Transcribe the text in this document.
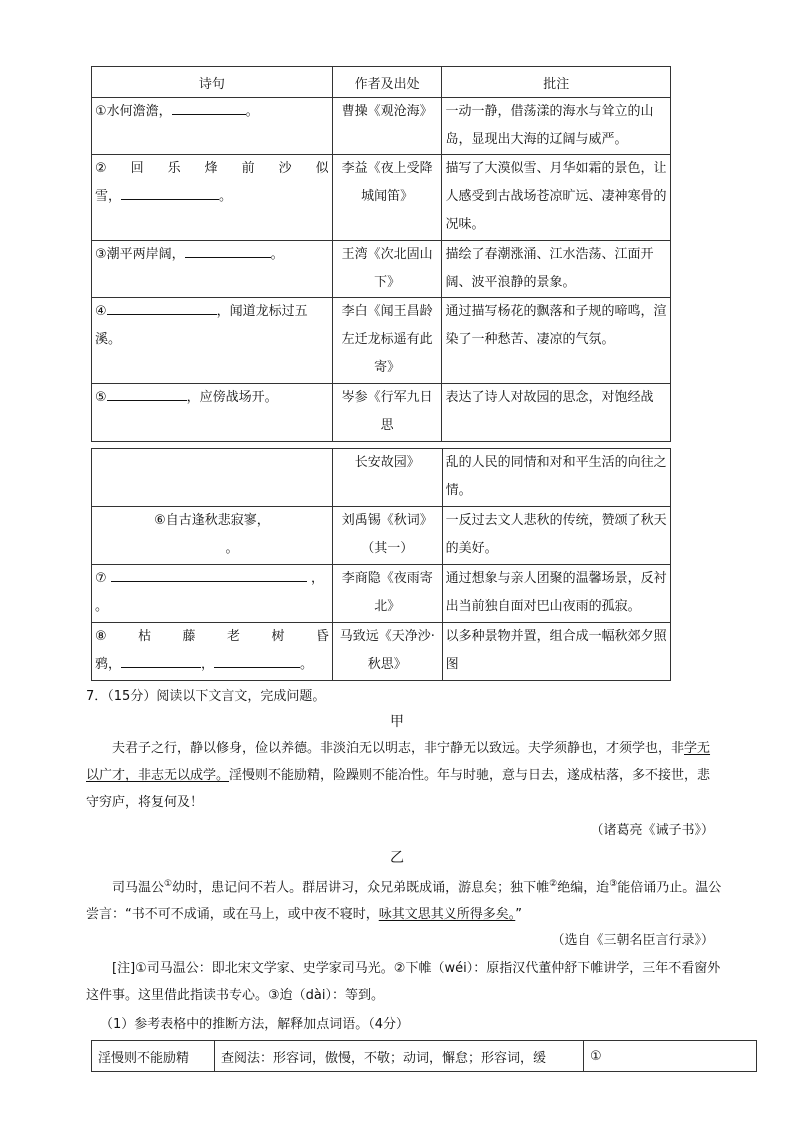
诗句	作者及出处	批注
①水何澹澹， 。	曹操《观沧海》	一动一静，借荡漾的海水与耸立的山岛，显现出大海的辽阔与威严。

②　回　乐　烽　前　沙　似
雪， 。	李益《夜上受降城闻笛》	描写了大漠似雪、月华如霜的景色，让人感受到古战场苍凉旷远、凄神寒骨的况味。
③潮平两岸阔， 。	王湾《次北固山下》	描绘了春潮涨涌、江水浩荡、江面开阔、波平浪静的景象。
④ ，闻道龙标过五
溪。	李白《闻王昌龄左迁龙标遥有此寄》	通过描写杨花的飘落和子规的啼鸣，渲染了一种愁苦、凄凉的气氛。
⑤ ，应傍战场开。	岑参《行军九日思	表达了诗人对故园的思念，对饱经战
	长安故园》	乱的人民的同情和对和平生活的向往之情。

⑥自古逢秋悲寂寥，
。	刘禹锡《秋词》（其一）	一反过去文人悲秋的传统，赞颂了秋天的美好。
⑦ ，
。	李商隐《夜雨寄北》	通过想象与亲人团聚的温馨场景，反衬出当前独自面对巴山夜雨的孤寂。

⑧　　枯　　藤　　老　　树　　昏
鸦， ， 。	马致远《天净沙·秋思》	以多种景物并置，组合成一幅秋郊夕照图
7．（15分）阅读以下文言文，完成问题。
甲
夫君子之行，静以修身，俭以养德。非淡泊无以明志，非宁静无以致远。夫学须静也，才须学也，非学无以广才，非志无以成学。淫慢则不能励精，险躁则不能冶性。年与时驰，意与日去，遂成枯落，多不接世，悲守穷庐，将复何及！
（诸葛亮《诫子书》）
乙
司马温公①幼时，患记问不若人。群居讲习，众兄弟既成诵，游息矣；独下帷②绝编，迨③能倍诵乃止。温公尝言：“书不可不成诵，或在马上，或中夜不寝时，咏其文思其义所得多矣。”
（选自《三朝名臣言行录》）
[注]①司马温公：即北宋文学家、史学家司马光。②下帷（wéi）：原指汉代董仲舒下帷讲学，三年不看窗外这件事。这里借此指读书专心。③迨（dài）：等到。
（1）参考表格中的推断方法，解释加点词语。（4分）
淫慢则不能励精	查阅法：形容词，傲慢，不敬；动词，懈怠；形容词，缓	①
